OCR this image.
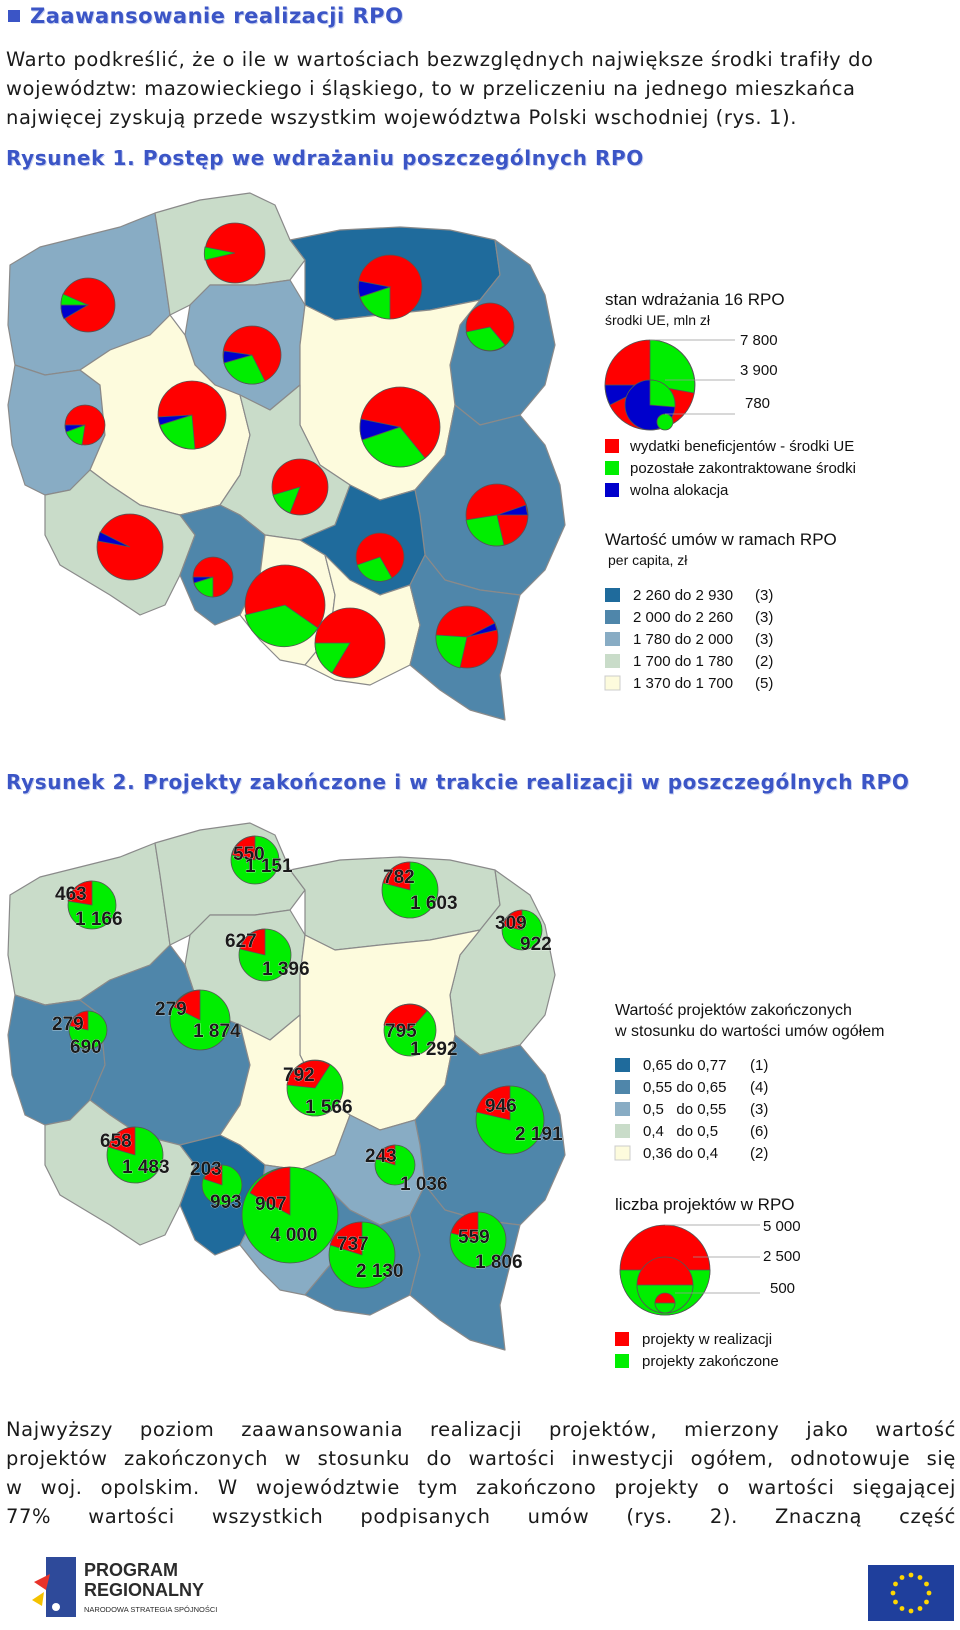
Zaawansowanie realizacji RPO
Warto podkreślić, że o ile w wartościach bezwzględnych największe środki trafiły do
województw: mazowieckiego i śląskiego, to w przeliczeniu na jednego mieszkańca
najwięcej zyskują przede wszystkim województwa Polski wschodniej (rys. 1).
Rysunek 1. Postęp we wdrażaniu poszczególnych RPO
stan wdrażania 16 RPO
środki UE, mln zł
7 800
3 900
780
wydatki beneficjentów - środki UE
pozostałe zakontraktowane środki
wolna alokacja
Wartość umów w ramach RPO
per capita, zł
2 260 do 2 930 (3)
2 000 do 2 260 (3)
1 780 do 2 000 (3)
1 700 do 1 780 (2)
1 370 do 1 700 (5)
Rysunek 2. Projekty zakończone i w trakcie realizacji w poszczególnych RPO
463
1 166
550
1 151
782
1 603
309
922
627
1 396
279
690
279
1 874	795
1 292
792
1 566	946
2 191
658
1 483 203
993 907
4 000
243
1 036
737
2 130
559
1 806
Wartość projektów zakończonych
w stosunku do wartości umów ogółem
0,65 do 0,77 (1)
0,55 do 0,65 (4)
0,5   do 0,55 (3)
0,4   do 0,5 (6)
0,36 do 0,4 (2)
liczba projektów w RPO
5 000
2 500
500
projekty w realizacji
projekty zakończone
Najwyższy poziom zaawansowania realizacji projektów, mierzony jako wartość
projektów zakończonych w stosunku do wartości inwestycji ogółem, odnotowuje się
w woj. opolskim. W województwie tym zakończono projekty o wartości sięgającej
77% wartości wszystkich podpisanych umów (rys. 2). Znaczną część
PROGRAM
REGIONALNY
NARODOWA STRATEGIA SPÓJNOŚCI
